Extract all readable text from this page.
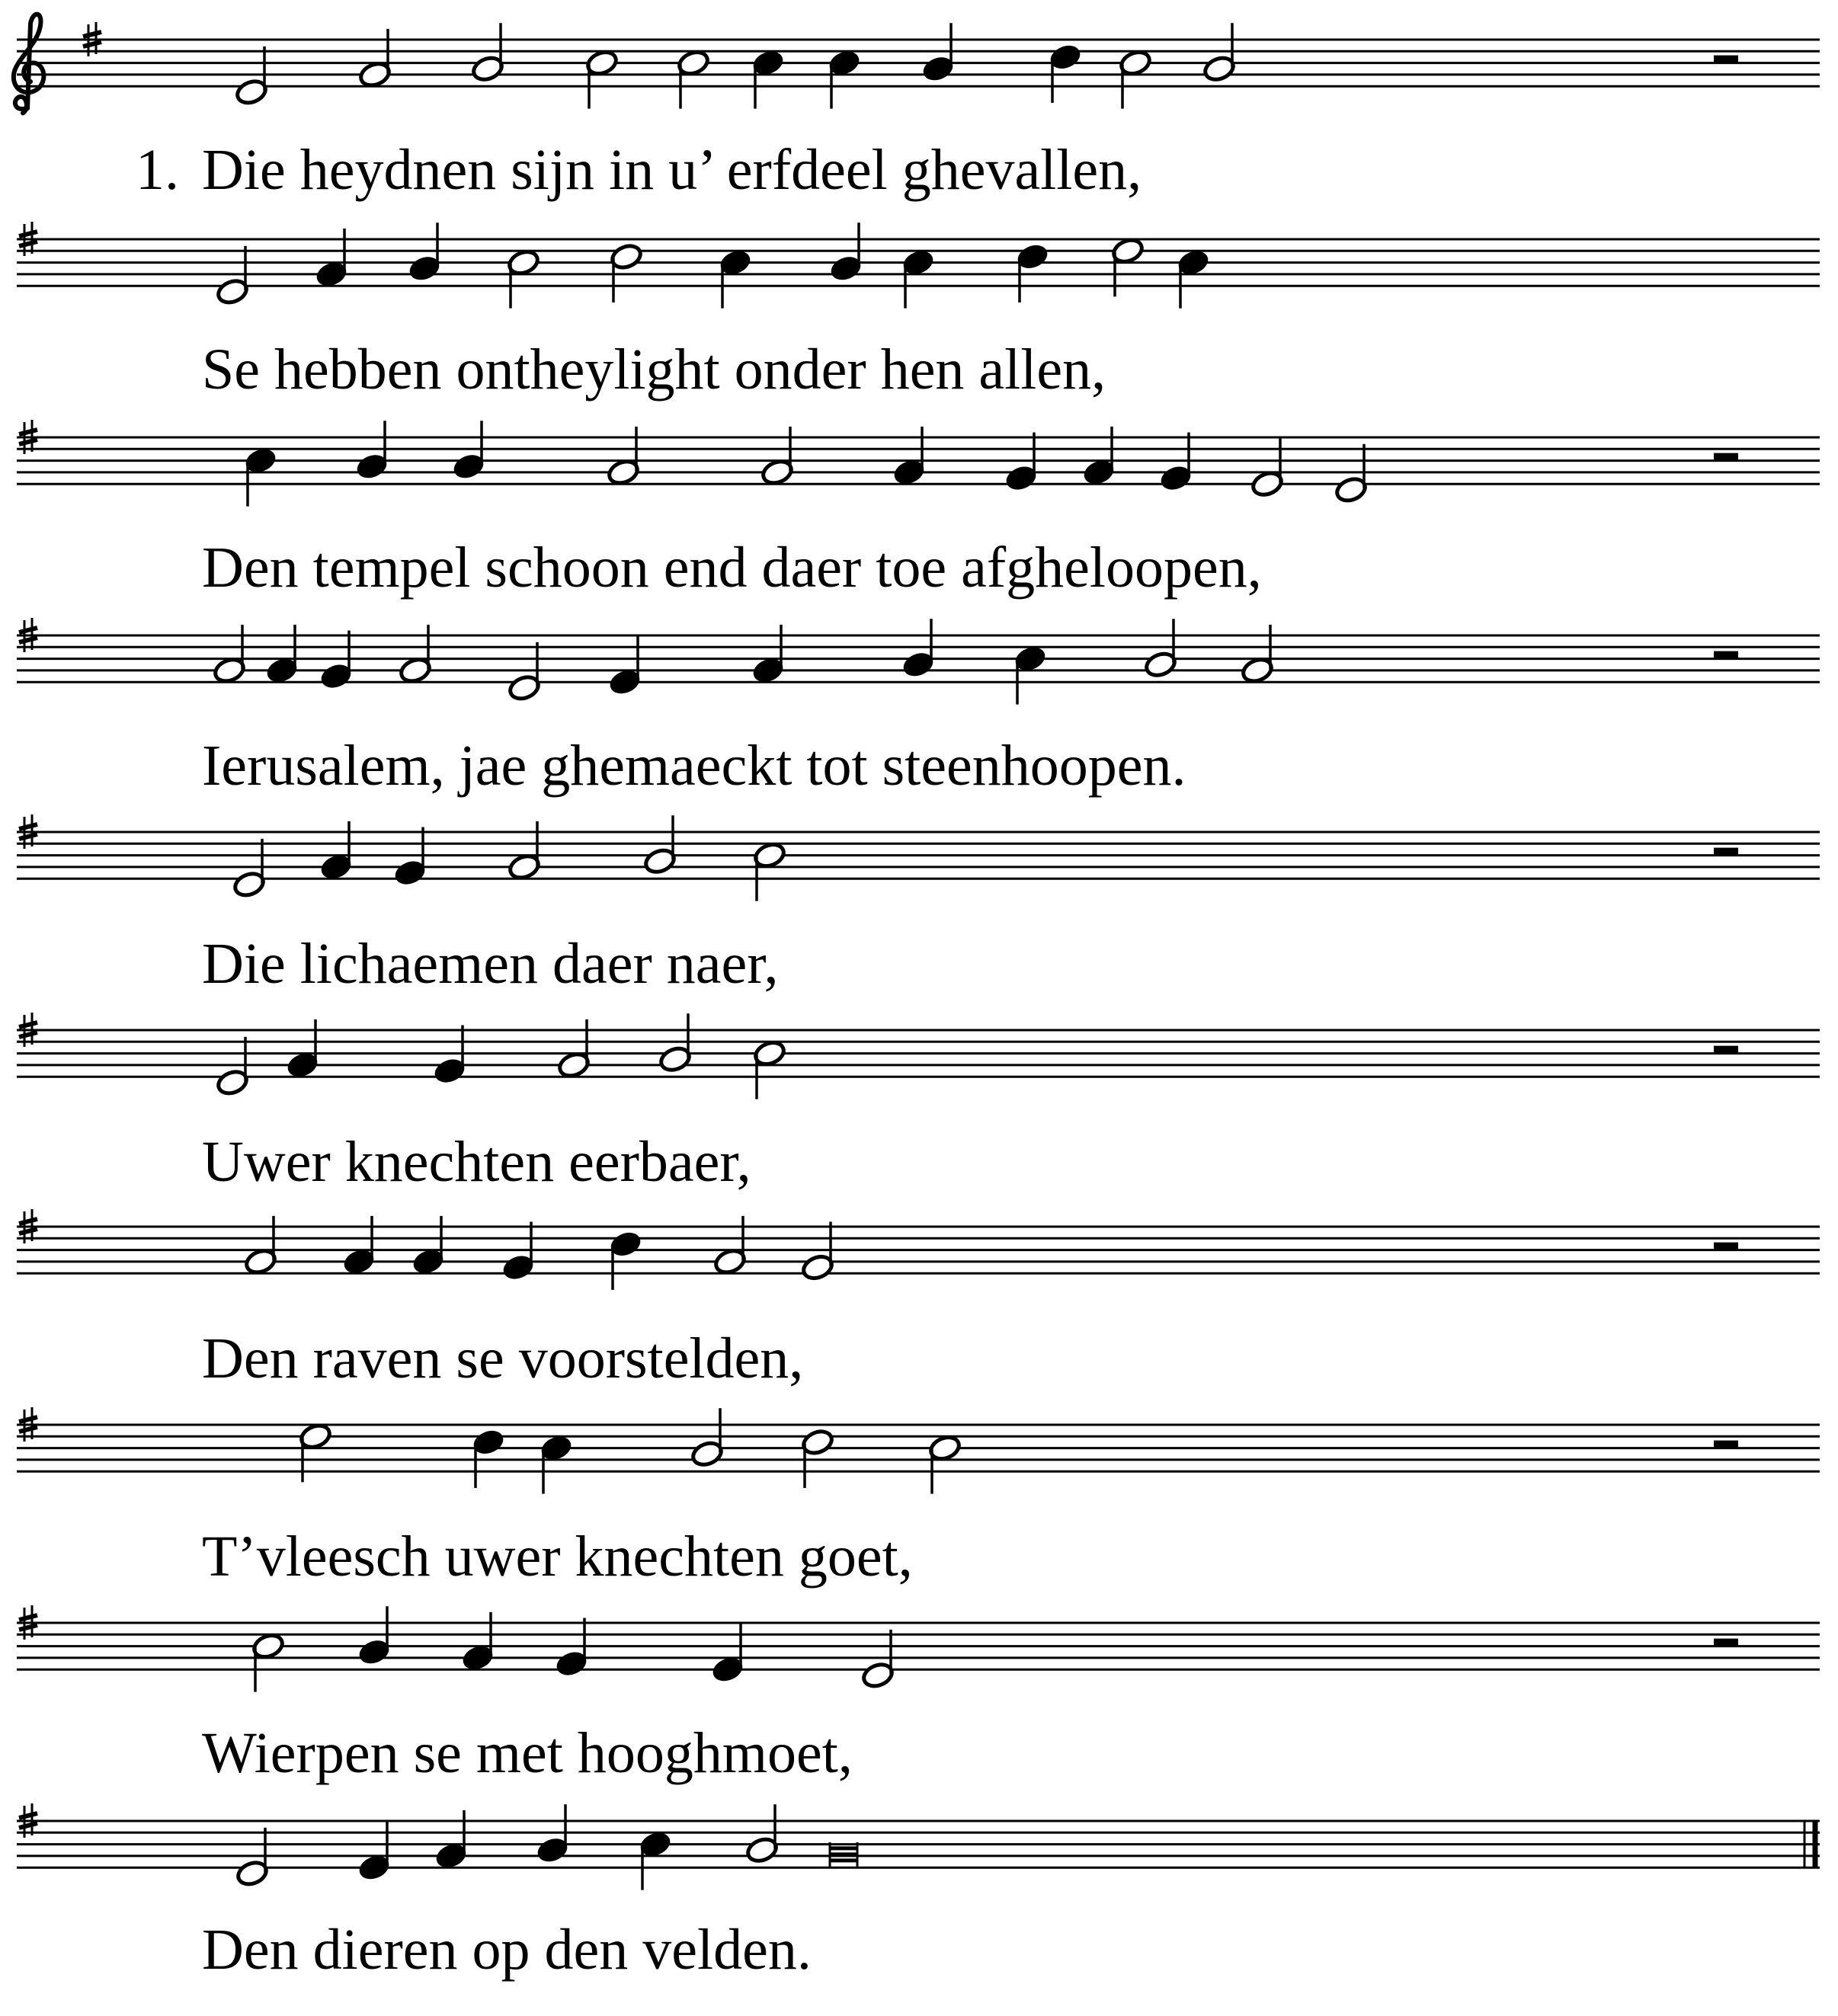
1. Die heydnen sijn in u’ erfdeel ghevallen,
Se hebben ontheylight onder hen allen,
Den tempel schoon end daer toe afgheloopen,
Ierusalem, jae ghemaeckt tot steenhoopen.
Die lichaemen daer naer,
Uwer knechten eerbaer,
Den raven se voorstelden,
T’vleesch uwer knechten goet,
Wierpen se met hooghmoet,
Den dieren op den velden.
